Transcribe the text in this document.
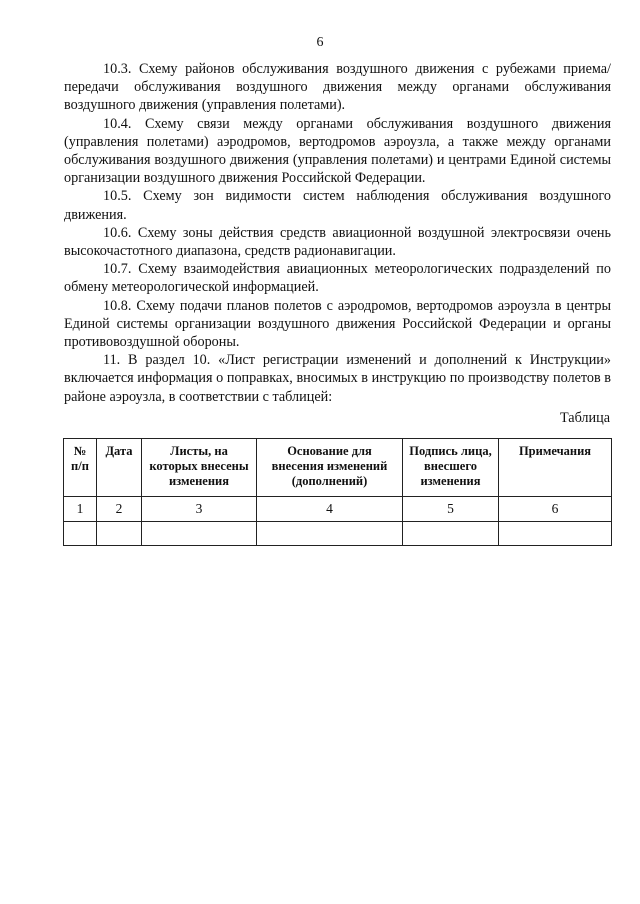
6

10.3. Схему районов обслуживания воздушного движения с рубежами приема/передачи обслуживания воздушного движения между органами обслуживания воздушного движения (управления полетами).

10.4. Схему связи между органами обслуживания воздушного движения (управления полетами) аэродромов, вертодромов аэроузла, а также между органами обслуживания воздушного движения (управления полетами) и центрами Единой системы организации воздушного движения Российской Федерации.

10.5. Схему зон видимости систем наблюдения обслуживания воздушного движения.

10.6. Схему зоны действия средств авиационной воздушной электросвязи очень высокочастотного диапазона, средств радионавигации.

10.7. Схему взаимодействия авиационных метеорологических подразделений по обмену метеорологической информацией.

10.8. Схему подачи планов полетов с аэродромов, вертодромов аэроузла в центры Единой системы организации воздушного движения Российской Федерации и органы противовоздушной обороны.

11. В раздел 10. «Лист регистрации изменений и дополнений к Инструкции» включается информация о поправках, вносимых в инструкцию по производству полетов в районе аэроузла, в соответствии с таблицей:

Таблица
№ п/п	Дата	Листы, на которых внесены изменения	Основание для внесения изменений (дополнений)	Подпись лица, внесшего изменения	Примечания
1	2	3	4	5	6
